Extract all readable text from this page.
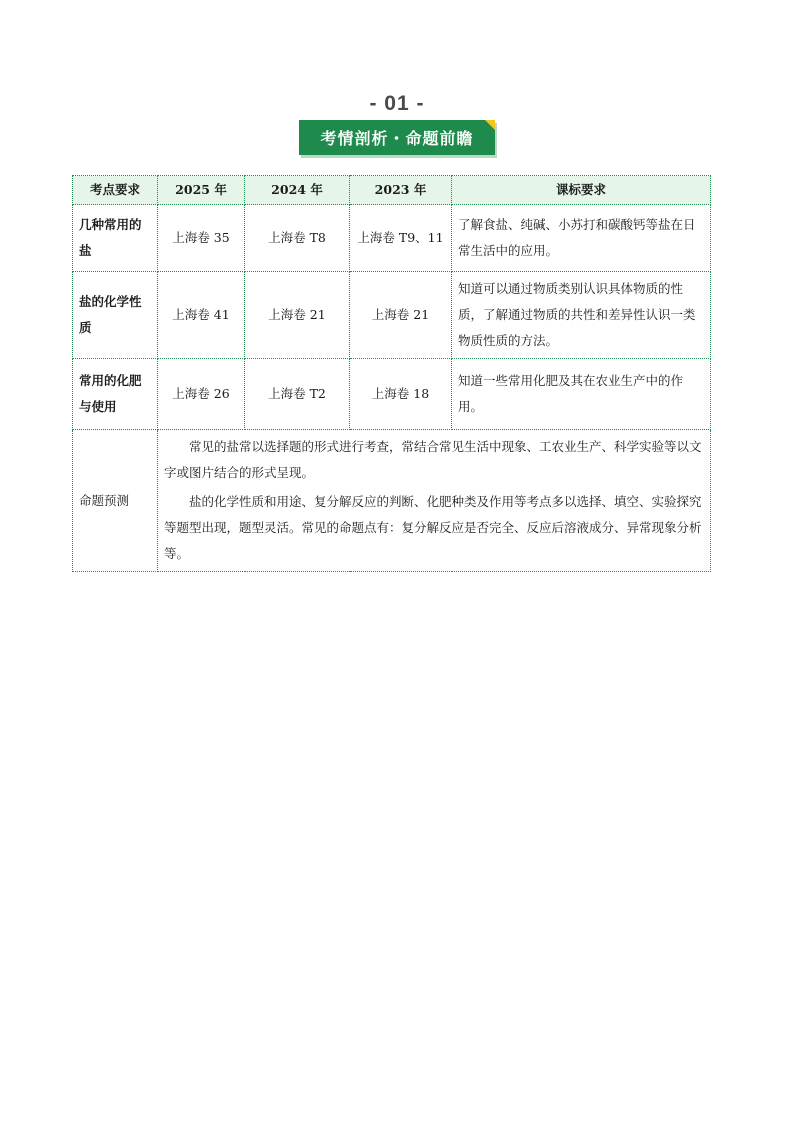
- 01 -
考情剖析・命题前瞻
考点要求	2025 年	2024 年	2023 年	课标要求
几种常用的盐	上海卷 35	上海卷 T8	上海卷 T9、11	了解食盐、纯碱、小苏打和碳酸钙等盐在日常生活中的应用。
盐的化学性质	上海卷 41	上海卷 21	上海卷 21	知道可以通过物质类别认识具体物质的性质，了解通过物质的共性和差异性认识一类物质性质的方法。
常用的化肥与使用	上海卷 26	上海卷 T2	上海卷 18	知道一些常用化肥及其在农业生产中的作用。
命题预测	常见的盐常以选择题的形式进行考查，常结合常见生活中现象、工农业生产、科学实验等以文字或图片结合的形式呈现。

盐的化学性质和用途、复分解反应的判断、化肥种类及作用等考点多以选择、填空、实验探究等题型出现，题型灵活。常见的命题点有：复分解反应是否完全、反应后溶液成分、异常现象分析等。			
